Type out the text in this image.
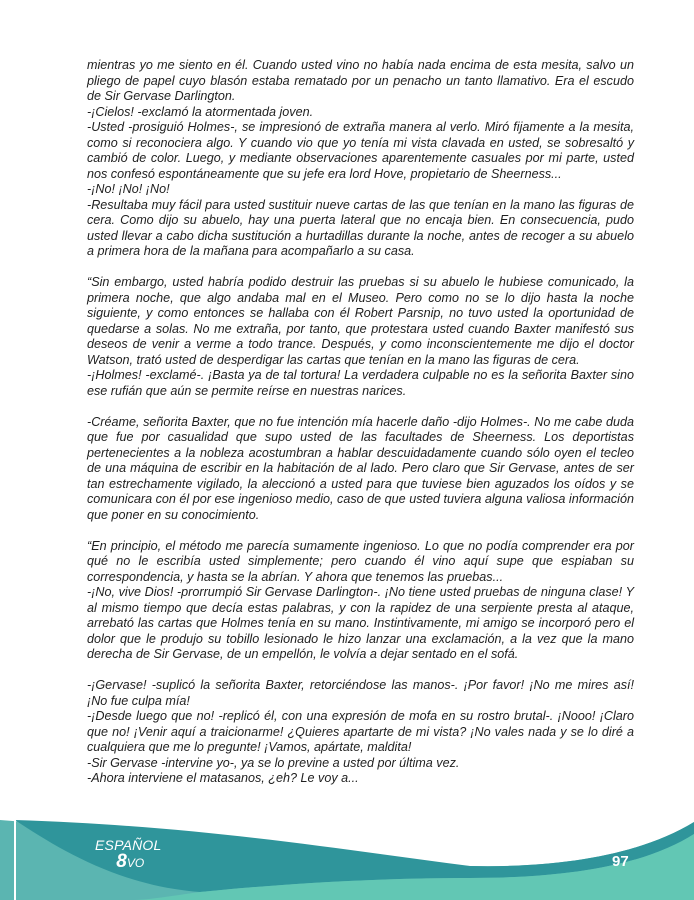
mientras yo me siento en él. Cuando usted vino no había nada encima de esta mesita, salvo un pliego de papel cuyo blasón estaba rematado por un penacho un tanto llamativo. Era el escudo de Sir Gervase Darlington.

-¡Cielos! -exclamó la atormentada joven.

-Usted -prosiguió Holmes-, se impresionó de extraña manera al verlo. Miró fijamente a la mesita, como si reconociera algo. Y cuando vio que yo tenía mi vista clavada en usted, se sobresaltó y cambió de color. Luego, y mediante observaciones aparentemente casuales por mi parte, usted nos confesó espontáneamente que su jefe era lord Hove, propietario de Sheerness...

-¡No! ¡No! ¡No!

-Resultaba muy fácil para usted sustituir nueve cartas de las que tenían en la mano las figuras de cera. Como dijo su abuelo, hay una puerta lateral que no encaja bien. En consecuencia, pudo usted llevar a cabo dicha sustitución a hurtadillas durante la noche, antes de recoger a su abuelo a primera hora de la mañana para acompañarlo a su casa.

“Sin embargo, usted habría podido destruir las pruebas si su abuelo le hubiese comunicado, la primera noche, que algo andaba mal en el Museo. Pero como no se lo dijo hasta la noche siguiente, y como entonces se hallaba con él Robert Parsnip, no tuvo usted la oportunidad de quedarse a solas. No me extraña, por tanto, que protestara usted cuando Baxter manifestó sus deseos de venir a verme a todo trance. Después, y como inconscientemente me dijo el doctor Watson, trató usted de desperdigar las cartas que tenían en la mano las figuras de cera.

-¡Holmes! -exclamé-. ¡Basta ya de tal tortura! La verdadera culpable no es la señorita Baxter sino ese rufián que aún se permite reírse en nuestras narices.

-Créame, señorita Baxter, que no fue intención mía hacerle daño -dijo Holmes-. No me cabe duda que fue por casualidad que supo usted de las facultades de Sheerness. Los deportistas pertenecientes a la nobleza acostumbran a hablar descuidadamente cuando sólo oyen el tecleo de una máquina de escribir en la habitación de al lado. Pero claro que Sir Gervase, antes de ser tan estrechamente vigilado, la aleccionó a usted para que tuviese bien aguzados los oídos y se comunicara con él por ese ingenioso medio, caso de que usted tuviera alguna valiosa información que poner en su conocimiento.

“En principio, el método me parecía sumamente ingenioso. Lo que no podía comprender era por qué no le escribía usted simplemente; pero cuando él vino aquí supe que espiaban su correspondencia, y hasta se la abrían. Y ahora que tenemos las pruebas...

-¡No, vive Dios! -prorrumpió Sir Gervase Darlington-. ¡No tiene usted pruebas de ninguna clase! Y al mismo tiempo que decía estas palabras, y con la rapidez de una serpiente presta al ataque, arrebató las cartas que Holmes tenía en su mano. Instintivamente, mi amigo se incorporó pero el dolor que le produjo su tobillo lesionado le hizo lanzar una exclamación, a la vez que la mano derecha de Sir Gervase, de un empellón, le volvía a dejar sentado en el sofá.

-¡Gervase! -suplicó la señorita Baxter, retorciéndose las manos-. ¡Por favor! ¡No me mires así! ¡No fue culpa mía!

-¡Desde luego que no! -replicó él, con una expresión de mofa en su rostro brutal-. ¡Nooo! ¡Claro que no! ¡Venir aquí a traicionarme! ¿Quieres apartarte de mi vista? ¡No vales nada y se lo diré a cualquiera que me lo pregunte! ¡Vamos, apártate, maldita!

-Sir Gervase -intervine yo-, ya se lo previne a usted por última vez.

-Ahora interviene el matasanos, ¿eh? Le voy a...

ESPAÑOL
8VO	97
